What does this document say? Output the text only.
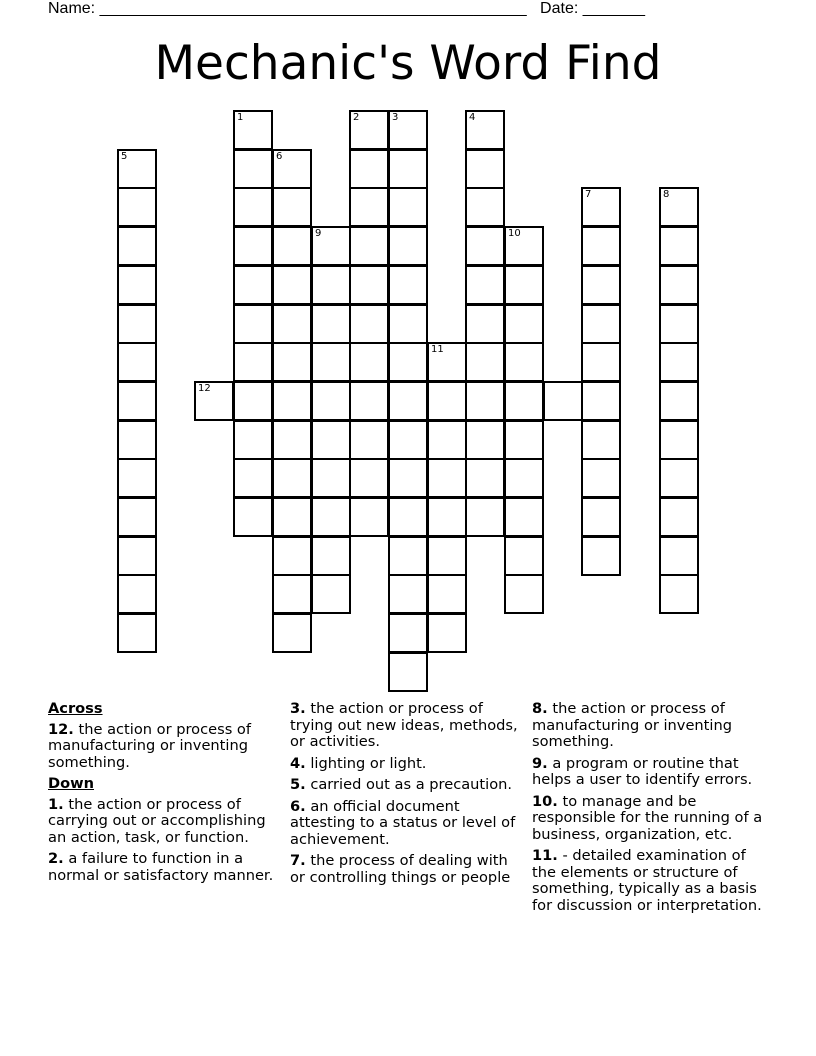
Name: ________________________________________________ Date: _______
Mechanic's Word Find
5
1
6
9
2	3
11
4
10
7	8
12
Across

12. the action or process of manufacturing or inventing something.

Down

1. the action or process of carrying out or accomplishing an action, task, or function.

2. a failure to function in a normal or satisfactory manner.

3. the action or process of trying out new ideas, methods, or activities.

4. lighting or light.

5. carried out as a precaution.

6. an official document attesting to a status or level of achievement.

7. the process of dealing with or controlling things or people

8. the action or process of manufacturing or inventing something.

9. a program or routine that helps a user to identify errors.

10. to manage and be responsible for the running of a business, organization, etc.

11. - detailed examination of the elements or structure of something, typically as a basis for discussion or interpretation.
